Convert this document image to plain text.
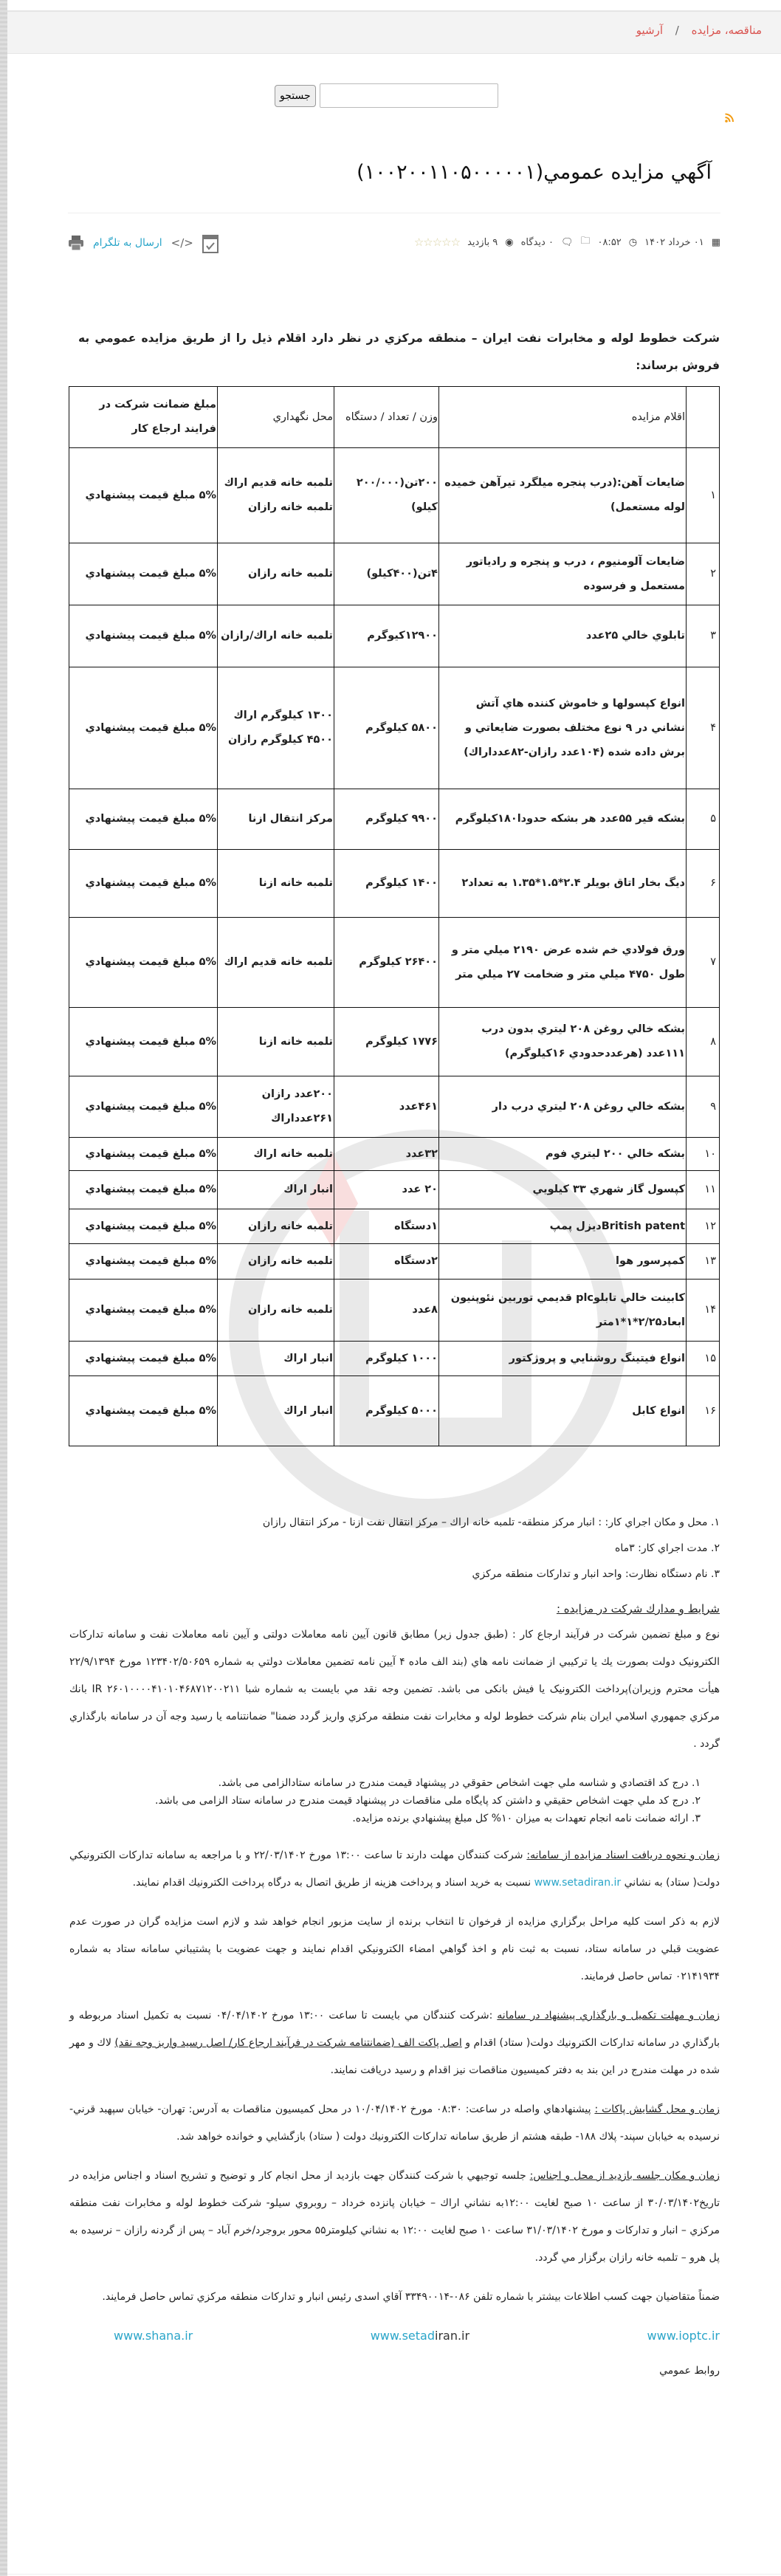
مناقصه، مزايده / آرشيو
جستجو
آگهي مزايده عمومي(۱۰۰۲۰۰۱۱۰۵۰۰۰۰۰۱)
▦
۰۱ خرداد ۱۴۰۲
◷
۰۸:۵۲
🗀
🗨
۰ ديدگاه
◉
۹ بازديد
☆☆☆☆☆
ارسال به تلگرام </>

شرکت خطوط لوله و مخابرات نفت ايران – منطقه مرکزي در نظر دارد اقلام ذيل را از طريق مزايده عمومي به فروش برساند:

	اقلام مزايده	وزن / تعداد / دستگاه	محل نگهداري	مبلغ ضمانت شرکت در فرايند ارجاع کار
۱	ضايعات آهن:(درب پنجره ميلگرد تيرآهن خميده لوله مستعمل)	۲۰۰تن(۲۰۰/۰۰۰ کيلو)	تلمبه خانه قديم اراك تلمبه خانه رازان	۵% مبلغ قيمت پيشنهادي
۲	ضايعات آلومنيوم ، درب و پنجره و رادياتور مستعمل و فرسوده	۴تن(۴۰۰کيلو)	تلمبه خانه رازان	۵% مبلغ قيمت پيشنهادي
۳	تابلوي خالي ۲۵عدد	۱۲۹۰۰کيوگرم	تلمبه خانه اراك/رازان	۵% مبلغ قيمت پيشنهادي
۴	انواع کپسولها و خاموش کننده هاي آتش نشاني در ۹ نوع مختلف بصورت ضايعاتي و برش داده شده (۱۰۴عدد رازان-۸۲عدداراك)	۵۸۰۰ کيلوگرم	۱۳۰۰ کيلوگرم اراك ۴۵۰۰ کيلوگرم رازان	۵% مبلغ قيمت پيشنهادي
۵	بشکه قير ۵۵عدد هر بشکه حدودا۱۸۰کيلوگرم	۹۹۰۰ کيلوگرم	مرکز انتقال ازنا	۵% مبلغ قيمت پيشنهادي
۶	ديگ بخار اتاق بويلر ۲.۴*۱.۵*۱.۳۵ به تعداد۲	۱۴۰۰ کيلوگرم	تلمبه خانه ازنا	۵% مبلغ قيمت پيشنهادي
۷	ورق فولادي خم شده عرض ۲۱۹۰ ميلي متر و طول ۴۷۵۰ ميلي متر و ضخامت ۲۷ ميلي متر	۲۶۴۰۰ کيلوگرم	تلمبه خانه قديم اراك	۵% مبلغ قيمت پيشنهادي
۸	بشکه خالي روغن ۲۰۸ ليتري بدون درب ۱۱۱عدد (هرعددحدودي ۱۶کيلوگرم)	۱۷۷۶ کيلوگرم	تلمبه خانه ازنا	۵% مبلغ قيمت پيشنهادي
۹	بشکه خالي روغن ۲۰۸ ليتري درب دار	۴۶۱عدد	۲۰۰عدد رازان ۲۶۱عدداراك	۵% مبلغ قيمت پيشنهادي
۱۰	بشکه خالي ۲۰۰ ليتري فوم	۳۲عدد	تلمبه خانه اراك	۵% مبلغ قيمت پيشنهادي
۱۱	کپسول گاز شهري ۳۳ کيلويي	۲۰ عدد	انبار اراك	۵% مبلغ قيمت پيشنهادي
۱۲	British patentديزل پمپ	۱دستگاه	تلمبه خانه رازان	۵% مبلغ قيمت پيشنهادي
۱۳	کمپرسور هوا	۲دستگاه	تلمبه خانه رازان	۵% مبلغ قيمت پيشنهادي
۱۴	کابينت خالي تابلوplc قديمي توربين نئوپنيون ابعاد۲/۲۵*۱*۱متر	۸عدد	تلمبه خانه رازان	۵% مبلغ قيمت پيشنهادي
۱۵	انواع فيتينگ روشنايي و پروژکتور	۱۰۰۰ کيلوگرم	انبار اراك	۵% مبلغ قيمت پيشنهادي
۱۶	انواع کابل	۵۰۰۰ کيلوگرم	انبار اراك	۵% مبلغ قيمت پيشنهادي
۱. محل و مکان اجراي کار: : انبار مرکز منطقه- تلمبه خانه اراك – مرکز انتقال نفت ازنا - مرکز انتقال رازان
۲. مدت اجراي کار: ۳ماه
۳. نام دستگاه نظارت: واحد انبار و تداركات منطقه مرکزي
شرايط و مدارك شرکت در مزايده :

نوع و مبلغ تضمين شرکت در فرآيند ارجاع کار : (طبق جدول زير) مطابق قانون آيين نامه معاملات دولتی و آيين نامه معاملات نفت و سامانه تداركات الكترونيک دولت بصورت يك يا ترکيبي از ضمانت نامه هاي (بند الف ماده ۴ آيين نامه تضمين معاملات دولتي به شماره ۱۲۳۴۰۲/۵۰۶۵۹ مورخ ۲۲/۹/۱۳۹۴ هيأت محترم وزيران)پرداخت الكترونيک يا فيش بانکی می باشد. تضمين وجه نقد مي بايست به شماره شبا IR ۲۶۰۱۰۰۰۰۴۱۰۱۰۴۶۸۷۱۲۰۰۲۱۱ بانك مرکزي جمهوري اسلامي ايران بنام شرکت خطوط لوله و مخابرات نفت منطقه مرکزي واريز گردد ضمنا" ضمانتنامه يا رسيد وجه آن در سامانه بارگذاري گردد .

۱. درج کد اقتصادي و شناسه ملي جهت اشخاص حقوقي در پيشنهاد قيمت مندرج در سامانه ستادالزامی می باشد.
۲. درج کد ملي جهت اشخاص حقيقي و داشتن کد پايگاه ملی مناقصات در پيشنهاد قيمت مندرج در سامانه ستاد الزامی می باشد.
۳. ارائه ضمانت نامه انجام تعهدات به ميزان ۱۰% کل مبلغ پيشنهادي برنده مزايده.

زمان و نحوه دريافت اسناد مزايده از سامانه: شرکت کنندگان مهلت دارند تا ساعت ۱۳:۰۰ مورخ ۲۲/۰۳/۱۴۰۲ و با مراجعه به سامانه تداركات الكترونيكي دولت( ستاد) به نشاني www.setadiran.ir نسبت به خريد اسناد و پرداخت هزينه از طريق اتصال به درگاه پرداخت الكترونيك اقدام نمايند.

لازم به ذکر است کليه مراحل برگزاري مزايده از فرخوان تا انتخاب برنده از سايت مزبور انجام خواهد شد و لازم است مزايده گران در صورت عدم عضويت قبلي در سامانه ستاد، نسبت به ثبت نام و اخذ گواهي امضاء الكترونيكي اقدام نمايند و جهت عضويت با پشتيباني سامانه ستاد به شماره ۰۲۱۴۱۹۳۴ تماس حاصل فرمايند.

زمان و مهلت تکميل و بارگذاري پيشنهاد در سامانه :شرکت کنندگان مي بايست تا ساعت ۱۳:۰۰ مورخ ۰۴/۰۴/۱۴۰۲ نسبت به تکميل اسناد مربوطه و بارگذاري در سامانه تداركات الكترونيك دولت( ستاد) اقدام و اصل پاکت الف (ضمانتنامه شرکت در فرآيند ارجاع کار/ اصل رسيد واريز وجه نقد) لاك و مهر شده در مهلت مندرج در اين بند به دفتر کميسيون مناقصات نيز اقدام و رسيد دريافت نمايند.

زمان و محل گشايش پاکات : پيشنهادهاي واصله در ساعت: ۰۸:۳۰ مورخ ۱۰/۰۴/۱۴۰۲ در محل کميسيون مناقصات به آدرس: تهران- خيابان سپهبد قرني- نرسيده به خيابان سپند- پلاك ۱۸۸- طبقه هشتم از طريق سامانه تداركات الكترونيك دولت ( ستاد) بازگشايي و خوانده خواهد شد.

زمان و مکان جلسه بازديد از محل و اجناس: جلسه توجيهي با شرکت کنندگان جهت بازديد از محل انجام کار و توضيح و تشريح اسناد و اجناس مزايده در تاريخ۳۰/۰۳/۱۴۰۲ از ساعت ۱۰ صبح لغايت ۱۲:۰۰به نشاني اراك – خيابان پانزده خرداد – روبروي سيلو- شرکت خطوط لوله و مخابرات نفت منطقه مرکزي – انبار و تداركات و مورخ ۳۱/۰۳/۱۴۰۲ ساعت ۱۰ صبح لغايت ۱۲:۰۰ به نشاني کيلومتر۵۵ محور بروجرد/خرم آباد – پس از گردنه رازان – نرسيده به پل هرو – تلمبه خانه رازان برگزار مي گردد.

ضمناً متقاضيان جهت کسب اطلاعات بيشتر با شماره تلفن ۰۸۶-۳۳۴۹۰۰۱۴ آقاي اسدی رئيس انبار و تداركات منطقه مرکزي تماس حاصل فرمايند.

www.ioptc.ir
www.setadiran.ir
www.shana.ir
روابط عمومي
